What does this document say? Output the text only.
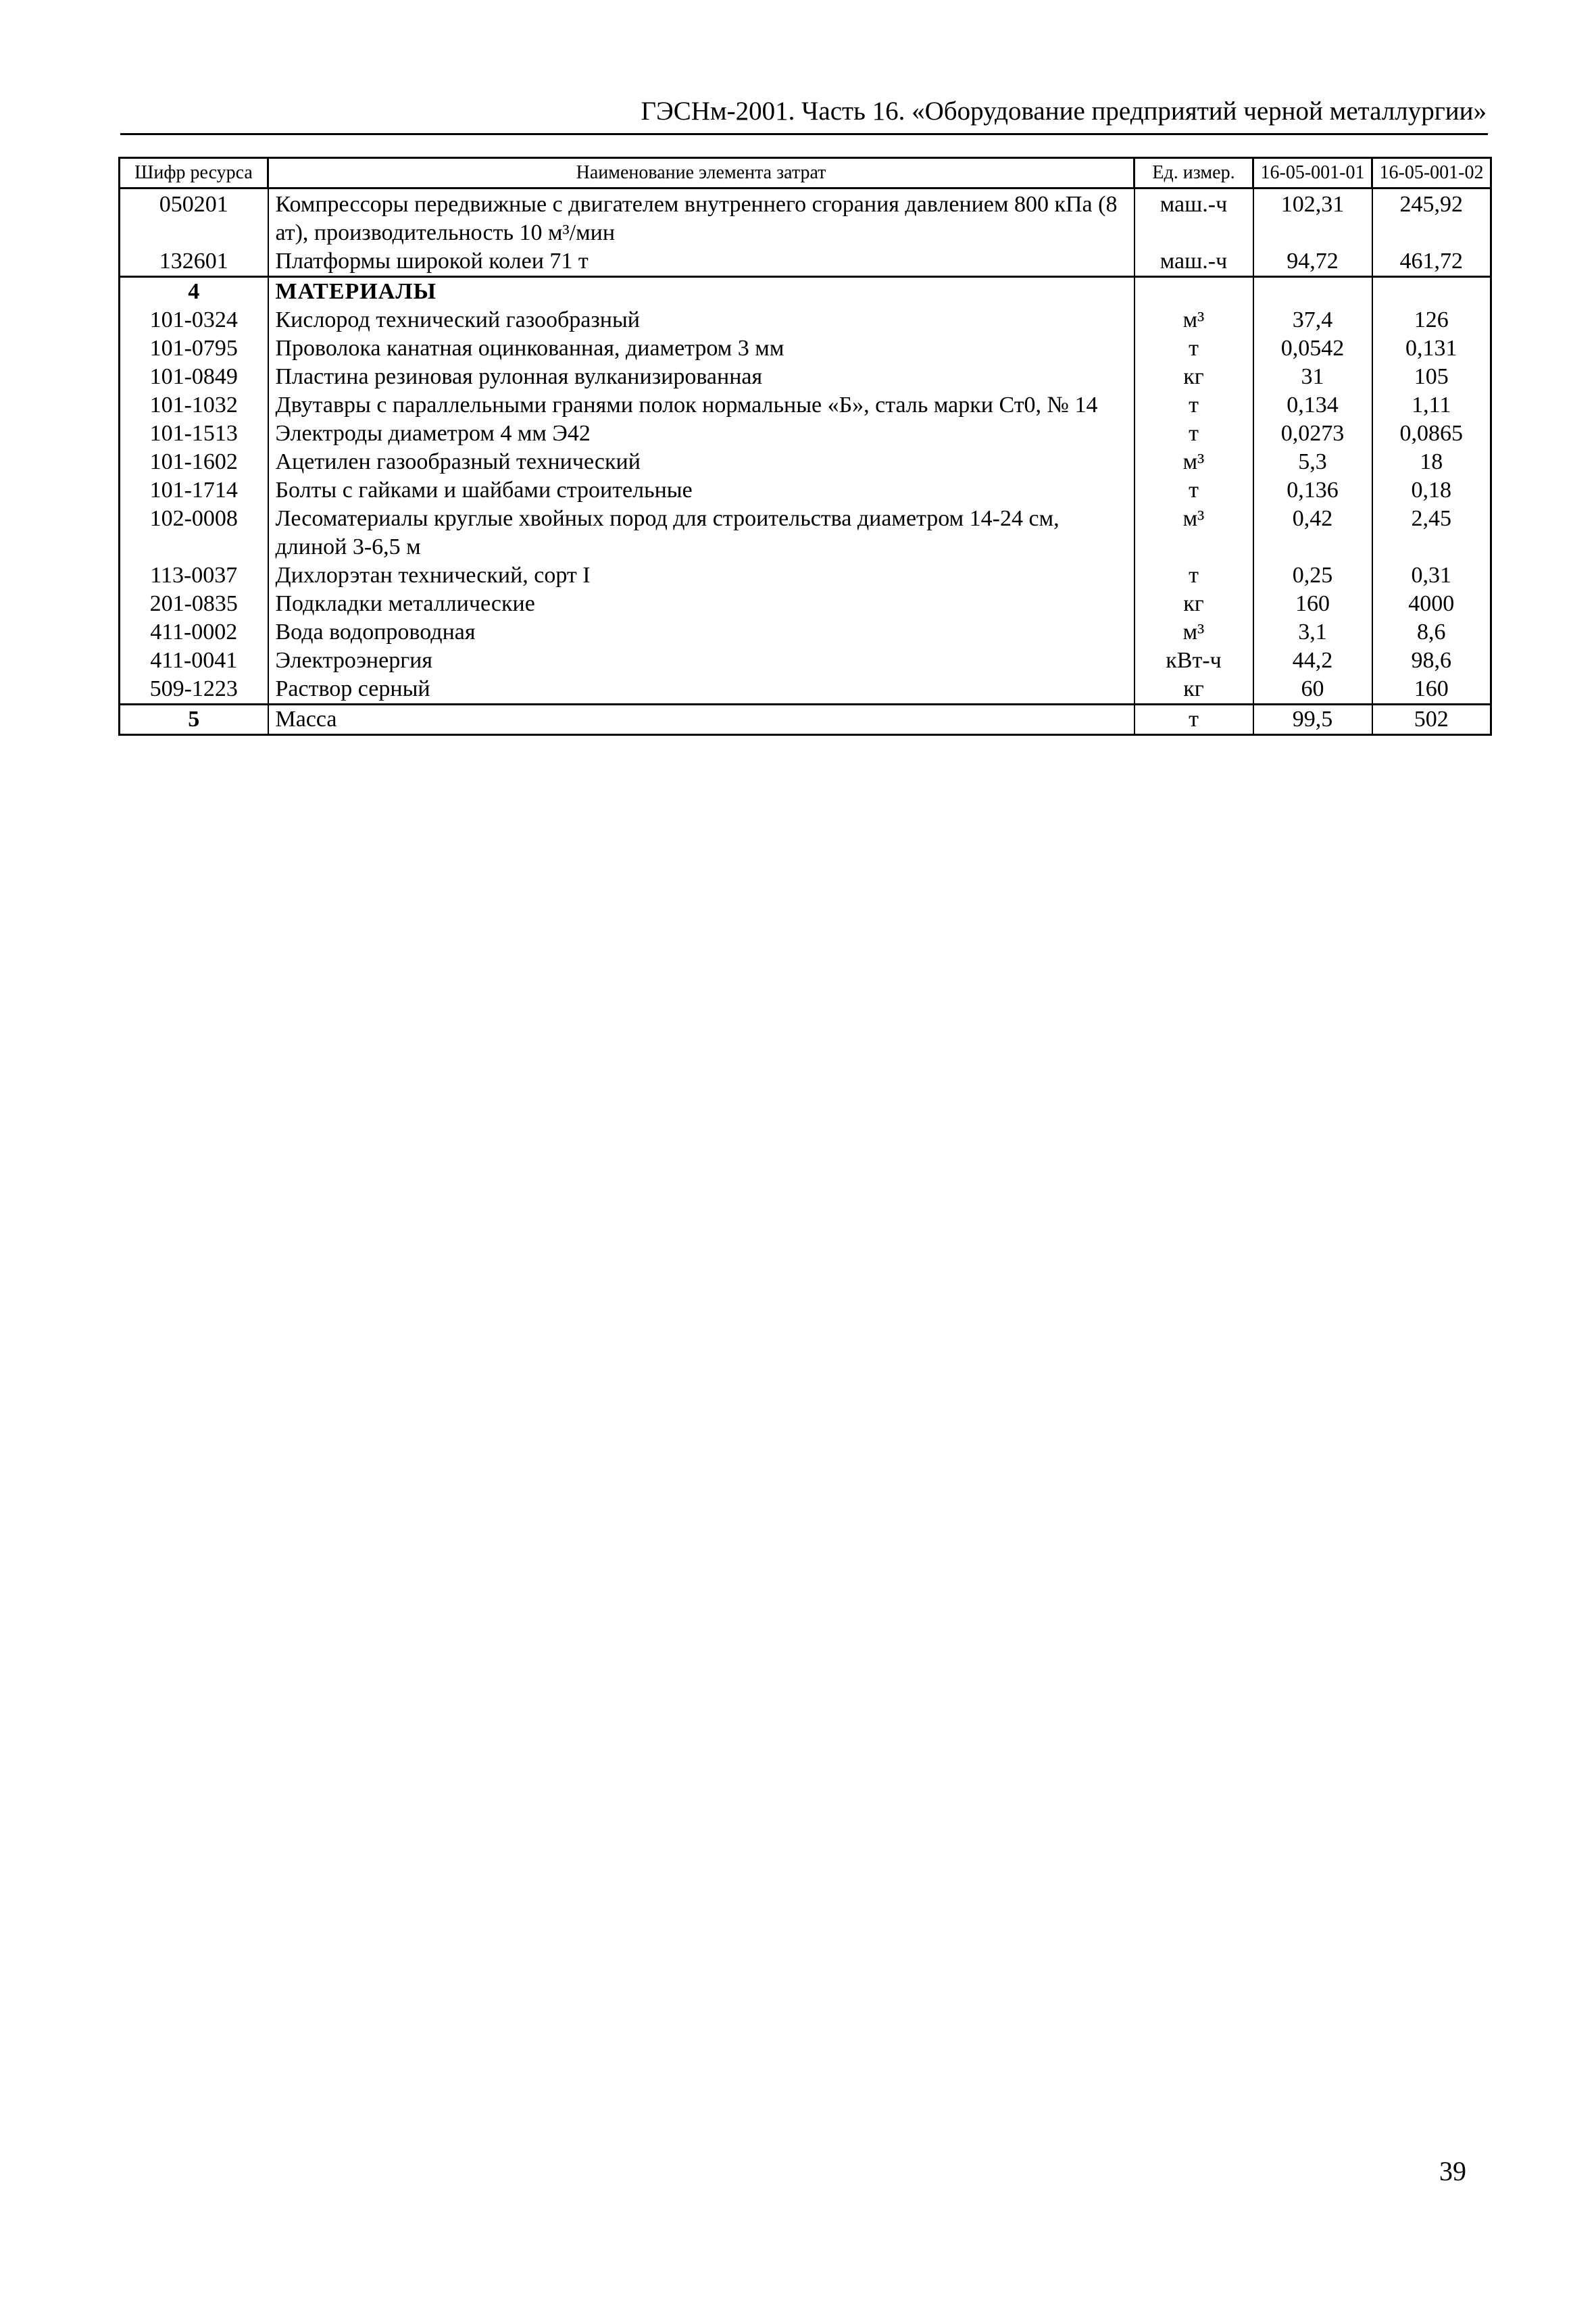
ГЭСНм-2001. Часть 16. «Оборудование предприятий черной металлургии»
Шифр ресурса	Наименование элемента затрат	Ед. измер.	16-05-001-01	16-05-001-02
050201	Компрессоры передвижные с двигателем внутреннего сгорания давлением 800 кПа (8 ат), производительность 10 м³/мин	маш.-ч	102,31	245,92
132601	Платформы широкой колеи 71 т	маш.-ч	94,72	461,72
4	МАТЕРИАЛЫ			
101-0324	Кислород технический газообразный	м³	37,4	126
101-0795	Проволока канатная оцинкованная, диаметром 3 мм	т	0,0542	0,131
101-0849	Пластина резиновая рулонная вулканизированная	кг	31	105
101-1032	Двутавры с параллельными гранями полок нормальные «Б», сталь марки Ст0, № 14	т	0,134	1,11
101-1513	Электроды диаметром 4 мм Э42	т	0,0273	0,0865
101-1602	Ацетилен газообразный технический	м³	5,3	18
101-1714	Болты с гайками и шайбами строительные	т	0,136	0,18
102-0008	Лесоматериалы круглые хвойных пород для строительства диаметром 14-24 см, длиной 3-6,5 м	м³	0,42	2,45
113-0037	Дихлорэтан технический, сорт I	т	0,25	0,31
201-0835	Подкладки металлические	кг	160	4000
411-0002	Вода водопроводная	м³	3,1	8,6
411-0041	Электроэнергия	кВт-ч	44,2	98,6
509-1223	Раствор серный	кг	60	160
5	Масса	т	99,5	502
39
